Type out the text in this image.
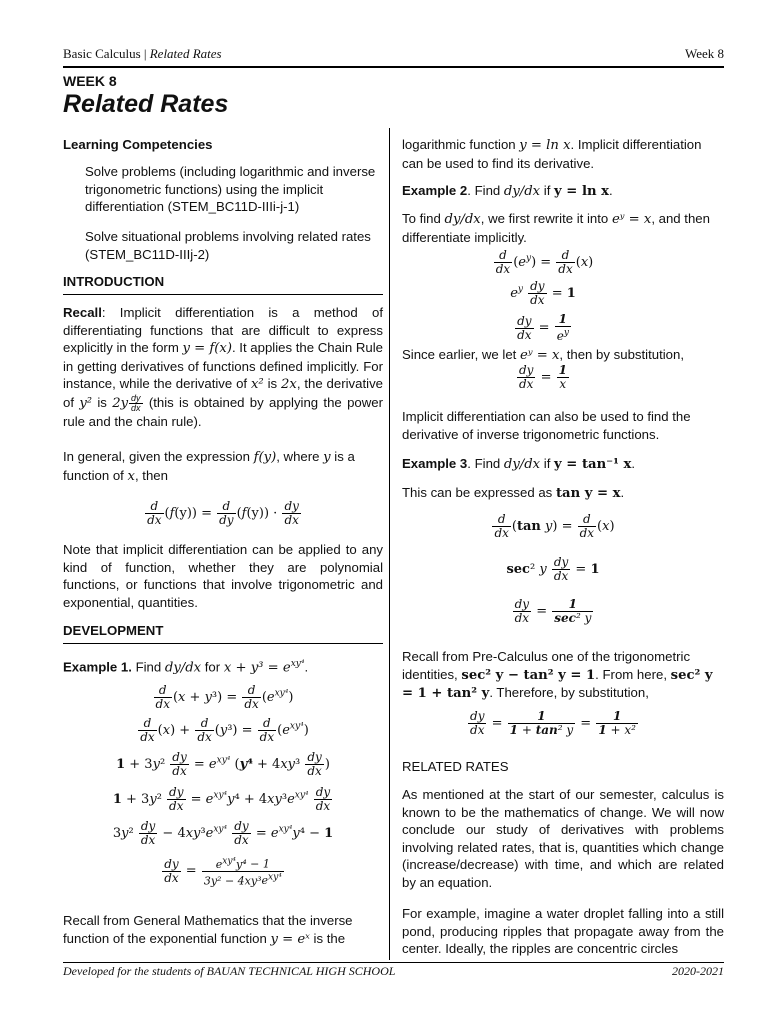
Basic Calculus | Related Rates	Week 8
WEEK 8
Related Rates
Learning Competencies
Solve problems (including logarithmic and inverse trigonometric functions) using the implicit differentiation (STEM_BC11D-IIIi-j-1)
Solve situational problems involving related rates (STEM_BC11D-IIIj-2)
INTRODUCTION
Recall: Implicit differentiation is a method of differentiating functions that are difficult to express explicitly in the form y = f(x). It applies the Chain Rule in getting derivatives of functions defined implicitly. For instance, while the derivative of x² is 2x, the derivative of y² is $2y \frac{dy}{dx}$ (this is obtained by applying the power rule and the chain rule).
In general, given the expression f(y), where y is a function of x, then
$\frac{d}{dx} (f(y)) = \frac{d}{dy} (f(y)) \cdot \frac{dy}{dx}$
Note that implicit differentiation can be applied to any kind of function, whether they are polynomial functions, or functions that involve trigonometric and exponential, quantities.
DEVELOPMENT
Example 1. Find dy/dx for $x + y^3 = e^{xy^4}$.
$\frac{d}{dx} (x + y^3) = \frac{d}{dx} (e^{xy^4})$
$\frac{d}{dx} (x) + \frac{d}{dx} (y^3) = \frac{d}{dx} (e^{xy^4})$
$1 + 3y^2 \frac{dy}{dx} = e^{xy^4}$ ($y^4 + 4xy^3 \frac{dy}{dx}$ )
$1 + 3y^2 \frac{dy}{dx} = e^{xy^4}y^4 + 4xy^3e^{xy^4} \frac{dy}{dx}$
$3y^2 \frac{dy}{dx} - 4xy^3e^{xy^4} \frac{dy}{dx} = e^{xy^4}y^4 - 1$
$\frac{dy}{dx}$ =	$e^{xy^4}y^4 - 1$
$3y^2 - 4xy^3e^{xy^4}$
Recall from General Mathematics that the inverse function of the exponential function y = eˣ is the
logarithmic function y = ln x. Implicit differentiation can be used to find its derivative.
Example 2. Find dy/dx if y = ln x.
To find dy/dx, we first rewrite it into eʸ = x, and then differentiate implicitly.
$\frac{d}{dx} (e^y) = \frac{d}{dx} (x)$
$e^y \frac{dy}{dx} = 1$
$\frac{dy}{dx} = \frac{1}{e^y}$
Since earlier, we let eʸ = x, then by substitution,
$\frac{dy}{dx} = \frac{1}{x}$
Implicit differentiation can also be used to find the derivative of inverse trigonometric functions.
Example 3. Find dy/dx if y = tan⁻¹ x.
This can be expressed as tan y = x.
$\frac{d}{dx} (\tan$ $y) = \frac{d}{dx} (x)$
sec² y $\frac{dy}{dx} = 1$
$\frac{dy}{dx}$ =	1
sec² y
Recall from Pre-Calculus one of the trigonometric identities, sec² y − tan² y = 1. From here, sec² y = 1 + tan² y. Therefore, by substitution,
$\frac{dy}{dx} = \frac{1}{\text{1 + tan² y}} = \frac{1}{\text{1 + x²}}$
RELATED RATES
As mentioned at the start of our semester, calculus is known to be the mathematics of change. We will now conclude our study of derivatives with problems involving related rates, that is, quantities which change (increase/decrease) with time, and which are related by an equation.
For example, imagine a water droplet falling into a still pond, producing ripples that propagate away from the center. Ideally, the ripples are concentric circles
Developed for the students of BAUAN TECHNICAL HIGH SCHOOL	2020-2021
